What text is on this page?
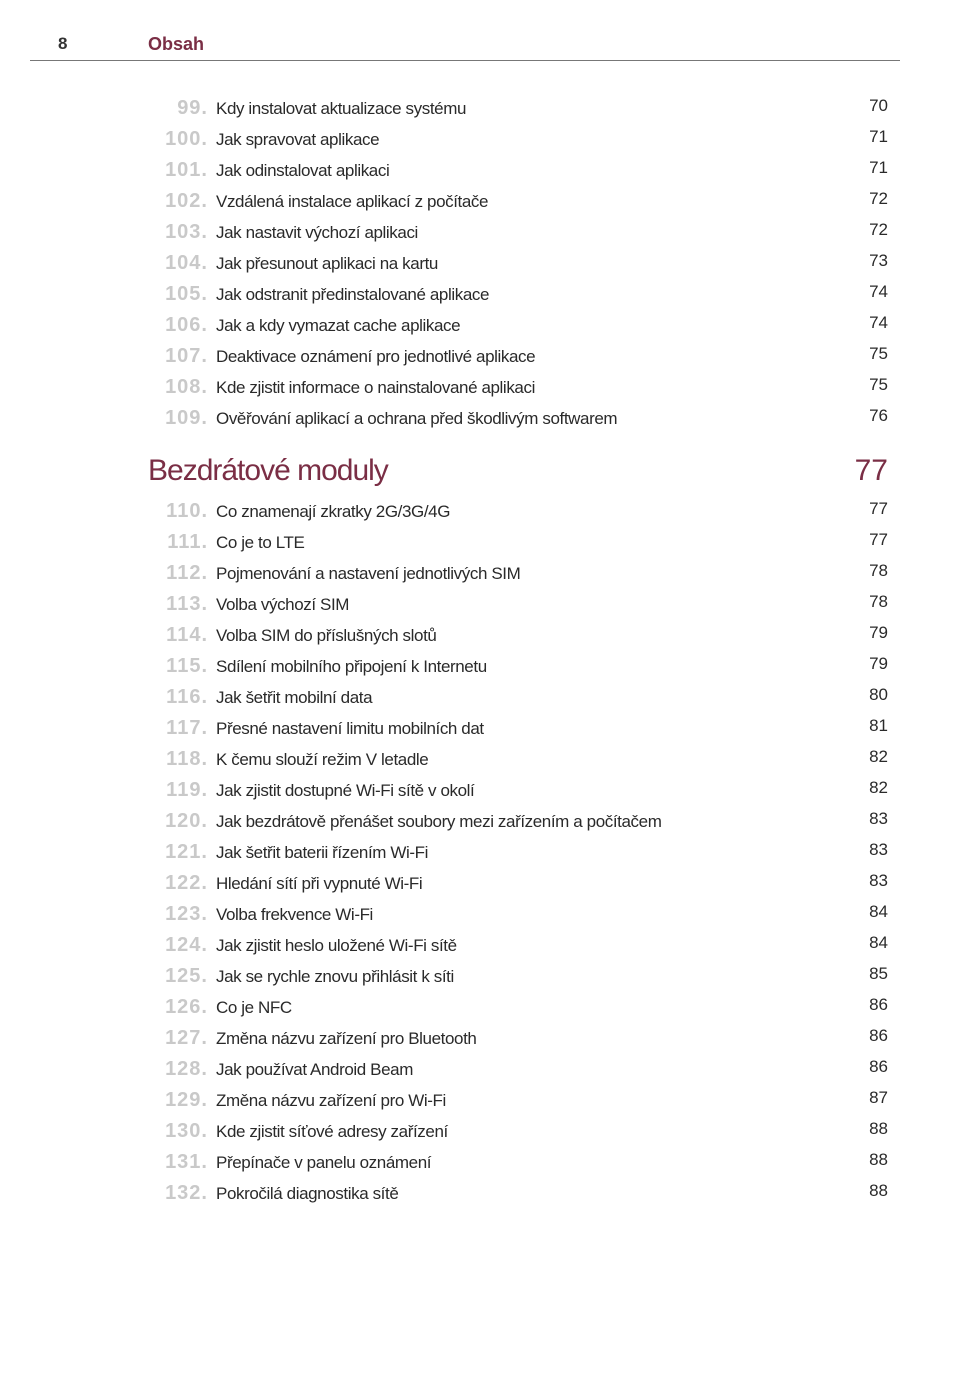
8	Obsah
99. Kdy instalovat aktualizace systému	70
100. Jak spravovat aplikace	71
101. Jak odinstalovat aplikaci	71
102. Vzdálená instalace aplikací z počítače	72
103. Jak nastavit výchozí aplikaci	72
104. Jak přesunout aplikaci na kartu	73
105. Jak odstranit předinstalované aplikace	74
106. Jak a kdy vymazat cache aplikace	74
107. Deaktivace oznámení pro jednotlivé aplikace	75
108. Kde zjistit informace o nainstalované aplikaci	75
109. Ověřování aplikací a ochrana před škodlivým softwarem	76
Bezdrátové moduly	77
110. Co znamenají zkratky 2G/3G/4G	77
111. Co je to LTE	77
112. Pojmenování a nastavení jednotlivých SIM	78
113. Volba výchozí SIM	78
114. Volba SIM do příslušných slotů	79
115. Sdílení mobilního připojení k Internetu	79
116. Jak šetřit mobilní data	80
117. Přesné nastavení limitu mobilních dat	81
118. K čemu slouží režim V letadle	82
119. Jak zjistit dostupné Wi-Fi sítě v okolí	82
120. Jak bezdrátově přenášet soubory mezi zařízením a počítačem	83
121. Jak šetřit baterii řízením Wi-Fi	83
122. Hledání sítí při vypnuté Wi-Fi	83
123. Volba frekvence Wi-Fi	84
124. Jak zjistit heslo uložené Wi-Fi sítě	84
125. Jak se rychle znovu přihlásit k síti	85
126. Co je NFC	86
127. Změna názvu zařízení pro Bluetooth	86
128. Jak používat Android Beam	86
129. Změna názvu zařízení pro Wi-Fi	87
130. Kde zjistit síťové adresy zařízení	88
131. Přepínače v panelu oznámení	88
132. Pokročilá diagnostika sítě	88
